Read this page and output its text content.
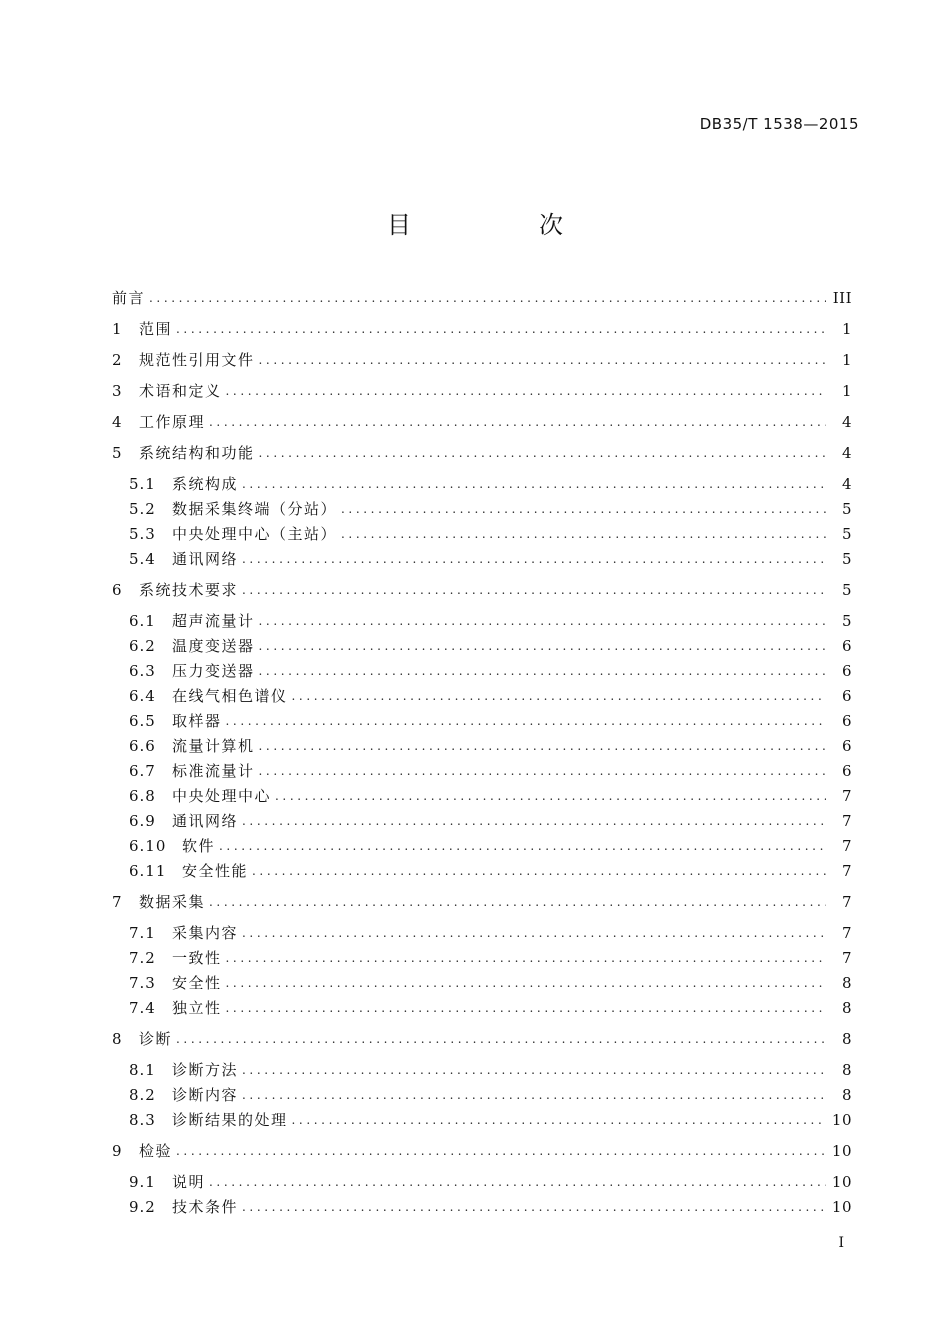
DB35/T 1538—2015
目　次
前言 .....	III
1	范围 .....	1
2	规范性引用文件 .....	1
3	术语和定义 .....	1
4	工作原理 .....	4
5	系统结构和功能 .....	4
5.1	系统构成 .....	4
5.2	数据采集终端（分站） .....	5
5.3	中央处理中心（主站） .....	5
5.4	通讯网络 .....	5
6	系统技术要求 .....	5
6.1	超声流量计 .....	5
6.2	温度变送器 .....	6
6.3	压力变送器 .....	6
6.4	在线气相色谱仪 .....	6
6.5	取样器 .....	6
6.6	流量计算机 .....	6
6.7	标准流量计 .....	6
6.8	中央处理中心 .....	7
6.9	通讯网络 .....	7
6.10	软件 .....	7
6.11	安全性能 .....	7
7	数据采集 .....	7
7.1	采集内容 .....	7
7.2	一致性 .....	7
7.3	安全性 .....	8
7.4	独立性 .....	8
8	诊断 .....	8
8.1	诊断方法 .....	8
8.2	诊断内容 .....	8
8.3	诊断结果的处理 .....	10
9	检验 .....	10
9.1	说明 .....	10
9.2	技术条件 .....	10
I
